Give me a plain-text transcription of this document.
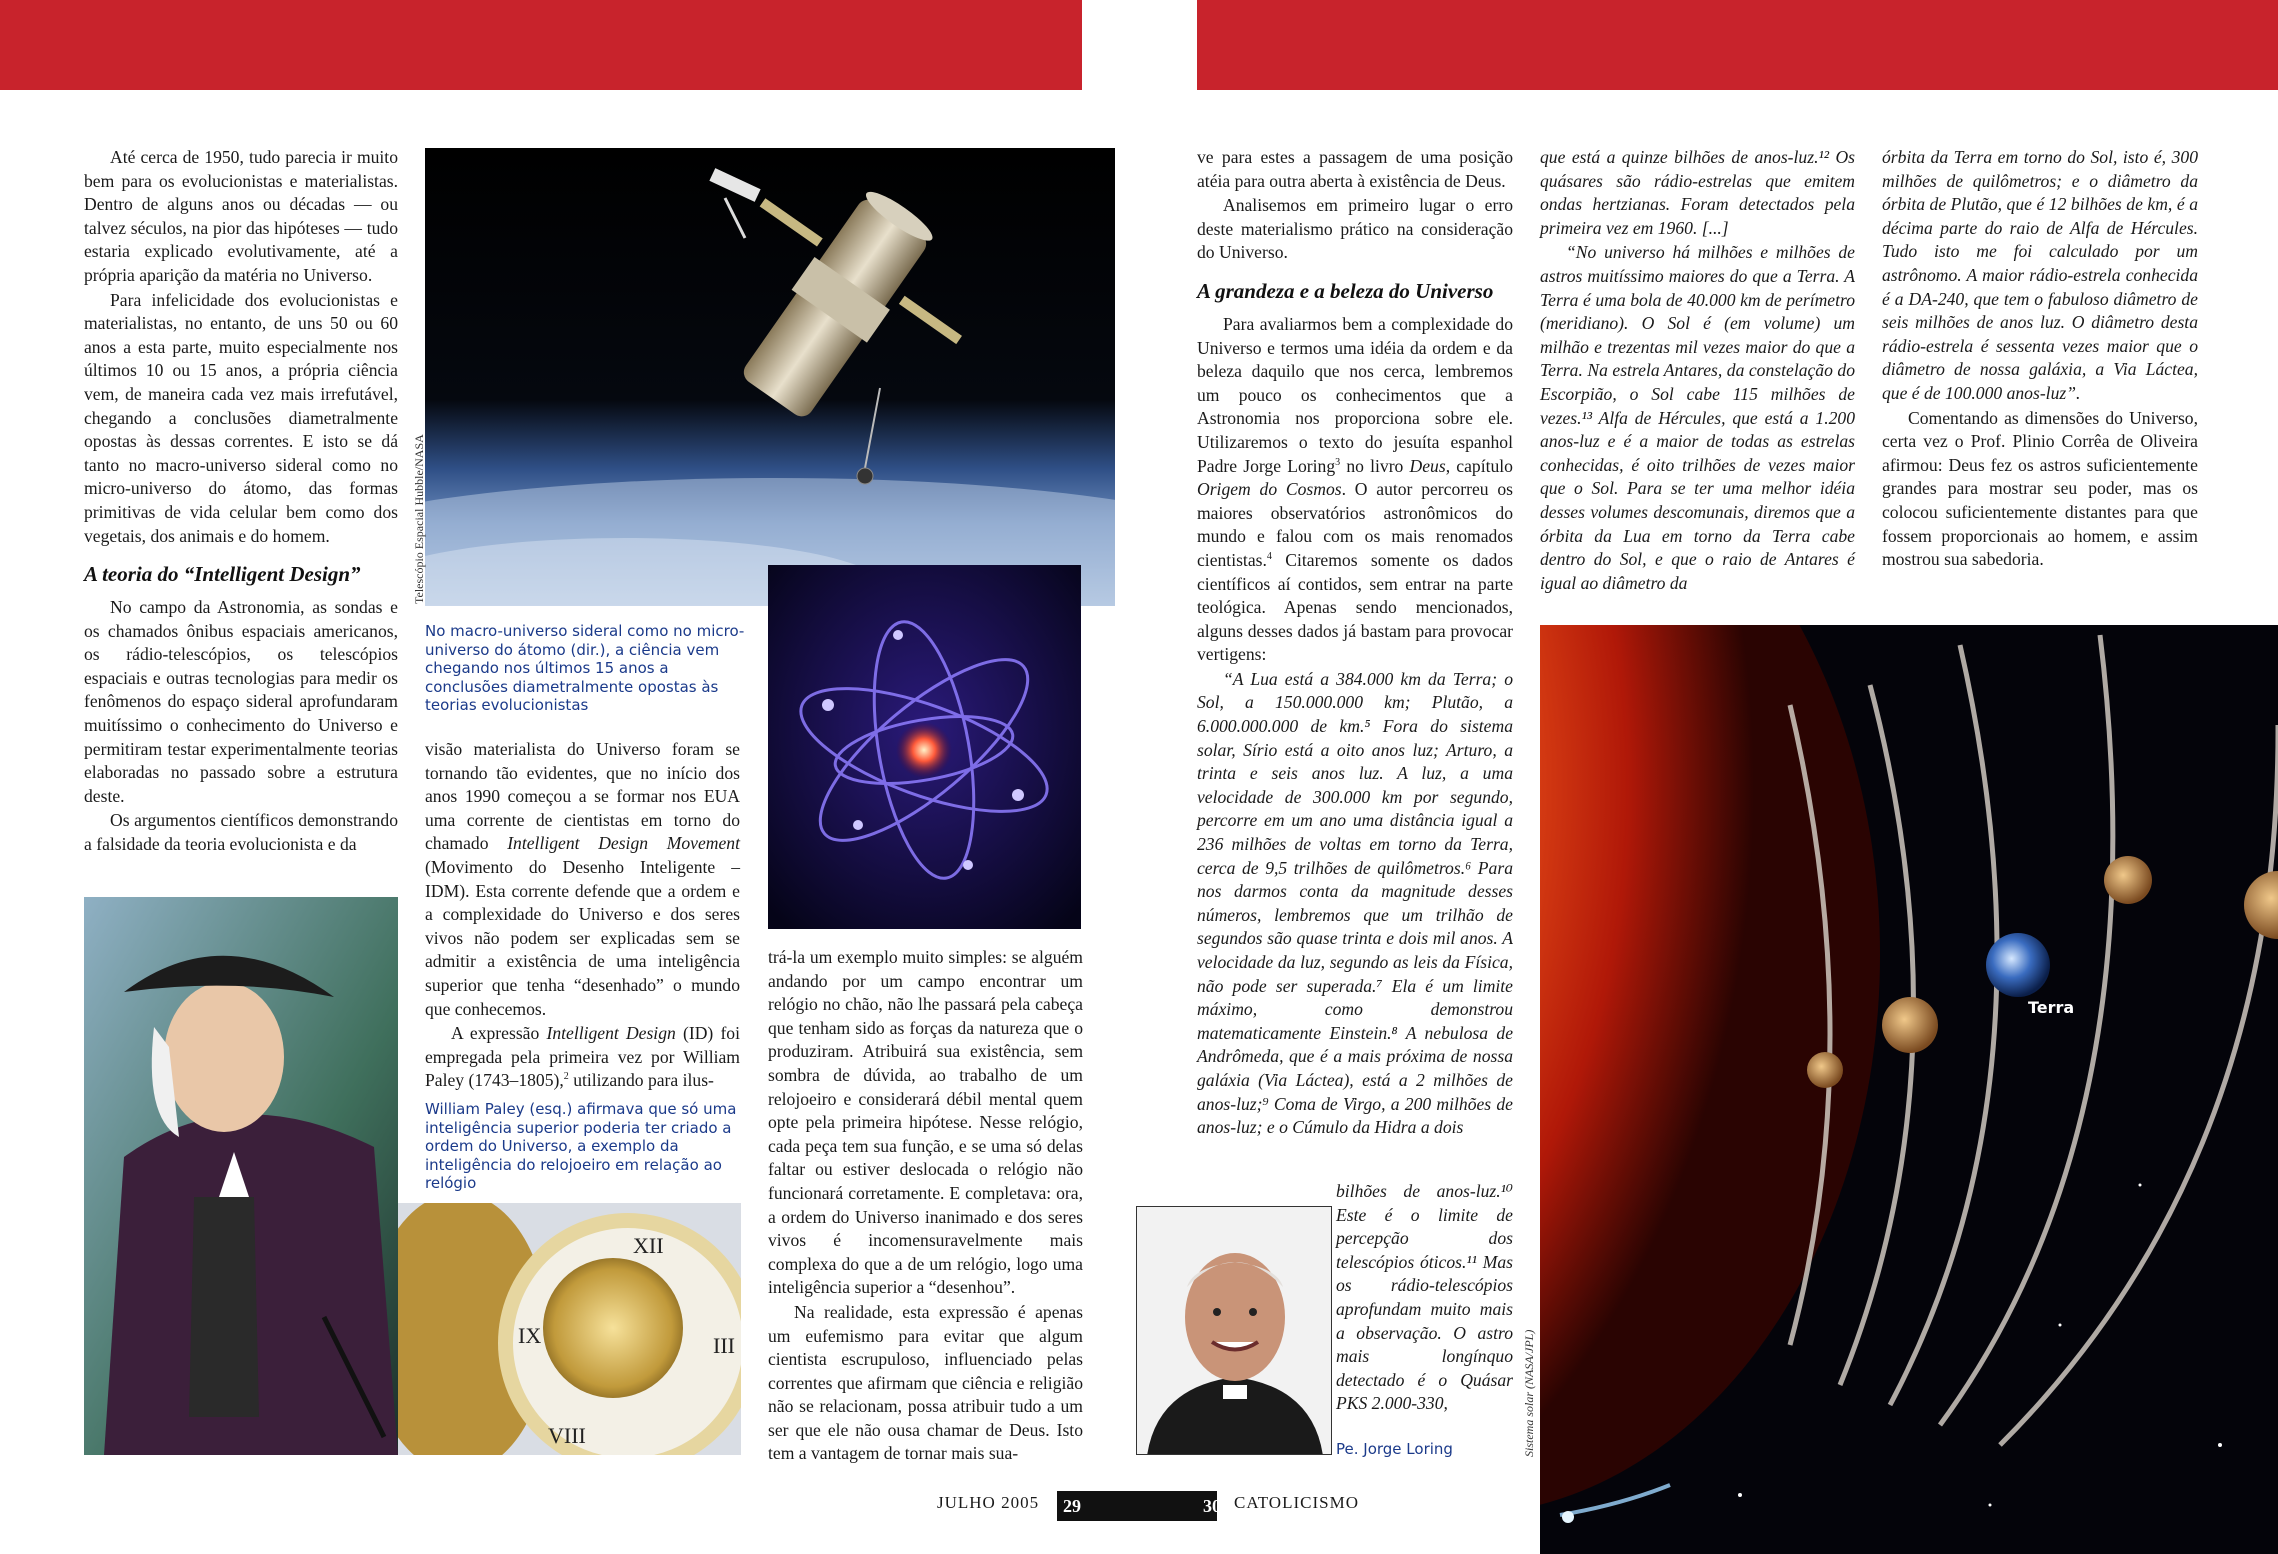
Até cerca de 1950, tudo parecia ir muito bem para os evolucionistas e materialistas. Dentro de alguns anos ou décadas — ou talvez séculos, na pior das hipóteses — tudo estaria explicado evolutivamente, até a própria aparição da matéria no Universo.

Para infelicidade dos evolucionistas e materialistas, no entanto, de uns 50 ou 60 anos a esta parte, muito especialmente nos últimos 10 ou 15 anos, a própria ciência vem, de maneira cada vez mais irrefutável, chegando a conclusões diametralmente opostas às dessas correntes. E isto se dá tanto no macro-universo sideral como no micro-universo do átomo, das formas primitivas de vida celular bem como dos vegetais, dos animais e do homem.

A teoria do “Intelligent Design”

No campo da Astronomia, as sondas e os chamados ônibus espaciais americanos, os rádio-telescópios, os telescópios espaciais e outras tecnologias para medir os fenômenos do espaço sideral aprofundaram muitíssimo o conhecimento do Universo e permitiram testar experimentalmente teorias elaboradas no passado sobre a estrutura deste.

Os argumentos científicos demonstrando a falsidade da teoria evolucionista e da

Telescópio Espacial Hubble/NASA
No macro-universo sideral como no micro-universo do átomo (dir.), a ciência vem chegando nos últimos 15 anos a conclusões diametralmente opostas às teorias evolucionistas

visão materialista do Universo foram se tornando tão evidentes, que no início dos anos 1990 começou a se formar nos EUA uma corrente de cientistas em torno do chamado Intelligent Design Movement (Movimento do Desenho Inteligente – IDM). Esta corrente defende que a ordem e a complexidade do Universo e dos seres vivos não podem ser explicadas sem se admitir a existência de uma inteligência superior que tenha “desenhado” o mundo que conhecemos.

A expressão Intelligent Design (ID) foi empregada pela primeira vez por William Paley (1743–1805),$^2$ utilizando para ilus-

William Paley (esq.) afirmava que só uma inteligência superior poderia ter criado a ordem do Universo, a exemplo da inteligência do relojoeiro em relação ao relógio
XII
III
VIII
IX

trá-la um exemplo muito simples: se alguém andando por um campo encontrar um relógio no chão, não lhe passará pela cabeça que tenham sido as forças da natureza que o produziram. Atribuirá sua existência, sem sombra de dúvida, ao trabalho de um relojoeiro e considerará débil mental quem opte pela primeira hipótese. Nesse relógio, cada peça tem sua função, e se uma só delas faltar ou estiver deslocada o relógio não funcionará corretamente. E completava: ora, a ordem do Universo inanimado e dos seres vivos é incomensuravelmente mais complexa do que a de um relógio, logo uma inteligência superior a “desenhou”.

Na realidade, esta expressão é apenas um eufemismo para evitar que algum cientista escrupuloso, influenciado pelas correntes que afirmam que ciência e religião não se relacionam, possa atribuir tudo a um ser que ele não ousa chamar de Deus. Isto tem a vantagem de tornar mais sua-

ve para estes a passagem de uma posição atéia para outra aberta à existência de Deus.

Analisemos em primeiro lugar o erro deste materialismo prático na consideração do Universo.

A grandeza e a beleza do Universo

Para avaliarmos bem a complexidade do Universo e termos uma idéia da ordem e da beleza daquilo que nos cerca, lembremos um pouco os conhecimentos que a Astronomia nos proporciona sobre ele. Utilizaremos o texto do jesuíta espanhol Padre Jorge Loring$^3$ no livro Deus, capítulo Origem do Cosmos. O autor percorreu os maiores observatórios astronômicos do mundo e falou com os mais renomados cientistas.$^4$ Citaremos somente os dados científicos aí contidos, sem entrar na parte teológica. Apenas sendo mencionados, alguns desses dados já bastam para provocar vertigens:

“A Lua está a 384.000 km da Terra; o Sol, a 150.000.000 km; Plutão, a 6.000.000.000 de km.⁵ Fora do sistema solar, Sírio está a oito anos luz; Arturo, a trinta e seis anos luz. A luz, a uma velocidade de 300.000 km por segundo, percorre em um ano uma distância igual a 236 milhões de voltas em torno da Terra, cerca de 9,5 trilhões de quilômetros.⁶ Para nos darmos conta da magnitude desses números, lembremos que um trilhão de segundos são quase trinta e dois mil anos. A velocidade da luz, segundo as leis da Física, não pode ser superada.⁷ Ela é um limite máximo, como demonstrou matematicamente Einstein.⁸ A nebulosa de Andrômeda, que é a mais próxima de nossa galáxia (Via Láctea), está a 2 milhões de anos-luz;⁹ Coma de Virgo, a 200 milhões de anos-luz; e o Cúmulo da Hidra a dois

bilhões de anos-luz.¹⁰ Este é o limite de percepção dos telescópios óticos.¹¹ Mas os rádio-telescópios aprofundam muito mais a observação. O astro mais longínquo detectado é o Quásar PKS 2.000-330,
Pe. Jorge Loring

que está a quinze bilhões de anos-luz.¹² Os quásares são rádio-estrelas que emitem ondas hertzianas. Foram detectados pela primeira vez em 1960. [...]

“No universo há milhões e milhões de astros muitíssimo maiores do que a Terra. A Terra é uma bola de 40.000 km de perímetro (meridiano). O Sol é (em volume) um milhão e trezentas mil vezes maior do que a Terra. Na estrela Antares, da constelação do Escorpião, o Sol cabe 115 milhões de vezes.¹³ Alfa de Hércules, que está a 1.200 anos-luz e é a maior de todas as estrelas conhecidas, é oito trilhões de vezes maior que o Sol. Para se ter uma melhor idéia desses volumes descomunais, diremos que a órbita da Lua em torno da Terra cabe dentro do Sol, e que o raio de Antares é igual ao diâmetro da

órbita da Terra em torno do Sol, isto é, 300 milhões de quilômetros; e o diâmetro da órbita de Plutão, que é 12 bilhões de km, é a décima parte do raio de Alfa de Hércules. Tudo isto me foi calculado por um astrônomo. A maior rádio-estrela conhecida é a DA-240, que tem o fabuloso diâmetro de seis milhões de anos luz. O diâmetro desta rádio-estrela é sessenta vezes maior que o diâmetro de nossa galáxia, a Via Láctea, que é de 100.000 anos-luz”.

Comentando as dimensões do Universo, certa vez o Prof. Plinio Corrêa de Oliveira afirmou: Deus fez os astros suficientemente grandes para mostrar seu poder, mas os colocou suficientemente distantes para que fossem proporcionais ao homem, e assim mostrou sua sabedoria.

Terra
Sistema solar (NASA/JPL)
JULHO 2005	29	30 CATOLICISMO
